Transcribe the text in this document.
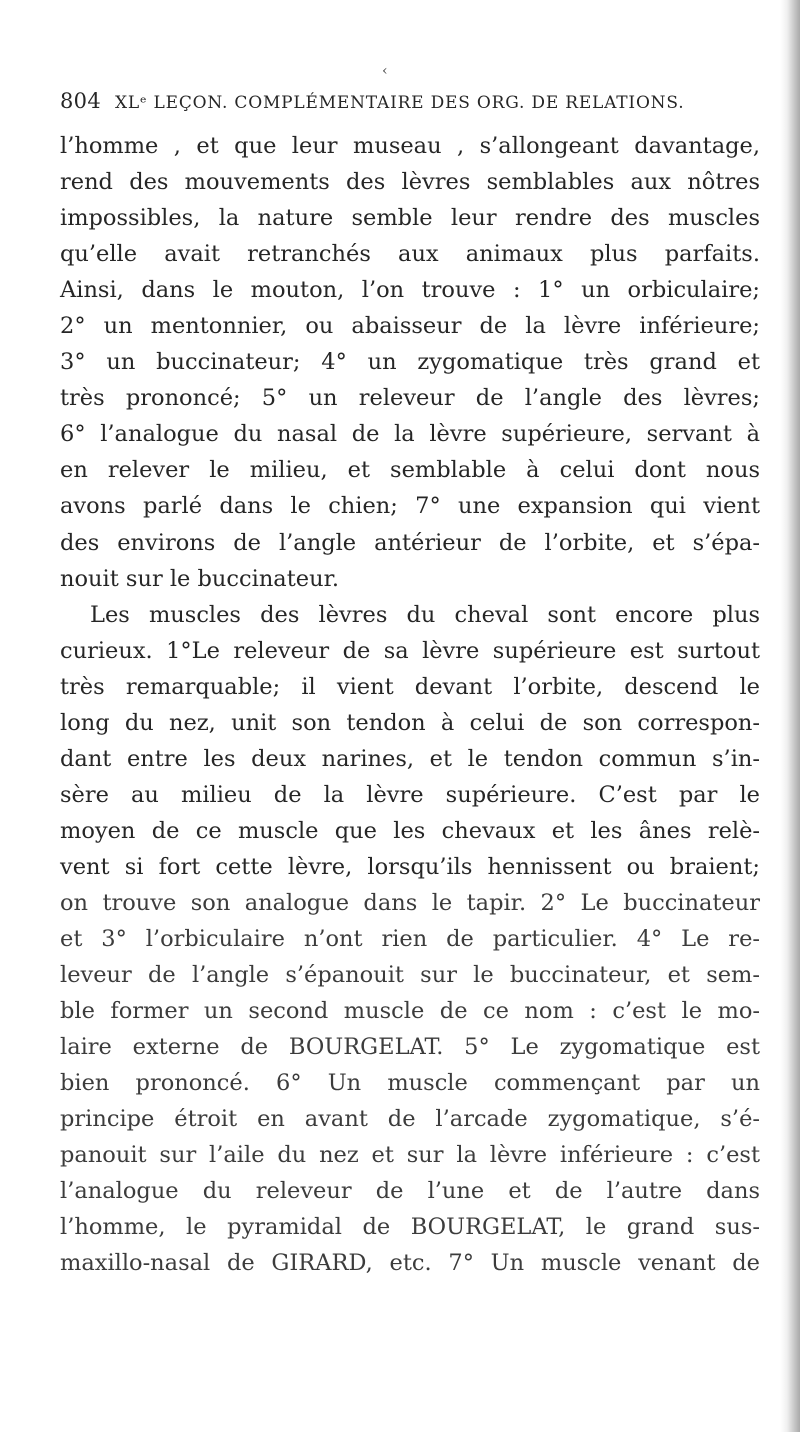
‹
804 XLᵉ LEÇON. COMPLÉMENTAIRE DES ORG. DE RELATIONS.
l’homme , et que leur museau , s’allongeant davantage,
rend des mouvements des lèvres semblables aux nôtres
impossibles, la nature semble leur rendre des muscles
qu’elle avait retranchés aux animaux plus parfaits.
Ainsi, dans le mouton, l’on trouve : 1° un orbiculaire;
2° un mentonnier, ou abaisseur de la lèvre inférieure;
3° un buccinateur; 4° un zygomatique très grand et
très prononcé; 5° un releveur de l’angle des lèvres;
6° l’analogue du nasal de la lèvre supérieure, servant à
en relever le milieu, et semblable à celui dont nous
avons parlé dans le chien; 7° une expansion qui vient
des environs de l’angle antérieur de l’orbite, et s’épa-
nouit sur le buccinateur.
Les muscles des lèvres du cheval sont encore plus
curieux. 1°Le releveur de sa lèvre supérieure est surtout
très remarquable; il vient devant l’orbite, descend le
long du nez, unit son tendon à celui de son correspon-
dant entre les deux narines, et le tendon commun s’in-
sère au milieu de la lèvre supérieure. C’est par le
moyen de ce muscle que les chevaux et les ânes relè-
vent si fort cette lèvre, lorsqu’ils hennissent ou braient;
on trouve son analogue dans le tapir. 2° Le buccinateur
et 3° l’orbiculaire n’ont rien de particulier. 4° Le re-
leveur de l’angle s’épanouit sur le buccinateur, et sem-
ble former un second muscle de ce nom : c’est le mo-
laire externe de BOURGELAT. 5° Le zygomatique est
bien prononcé. 6° Un muscle commençant par un
principe étroit en avant de l’arcade zygomatique, s’é-
panouit sur l’aile du nez et sur la lèvre inférieure : c’est
l’analogue du releveur de l’une et de l’autre dans
l’homme, le pyramidal de BOURGELAT, le grand sus-
maxillo-nasal de GIRARD, etc. 7° Un muscle venant de
